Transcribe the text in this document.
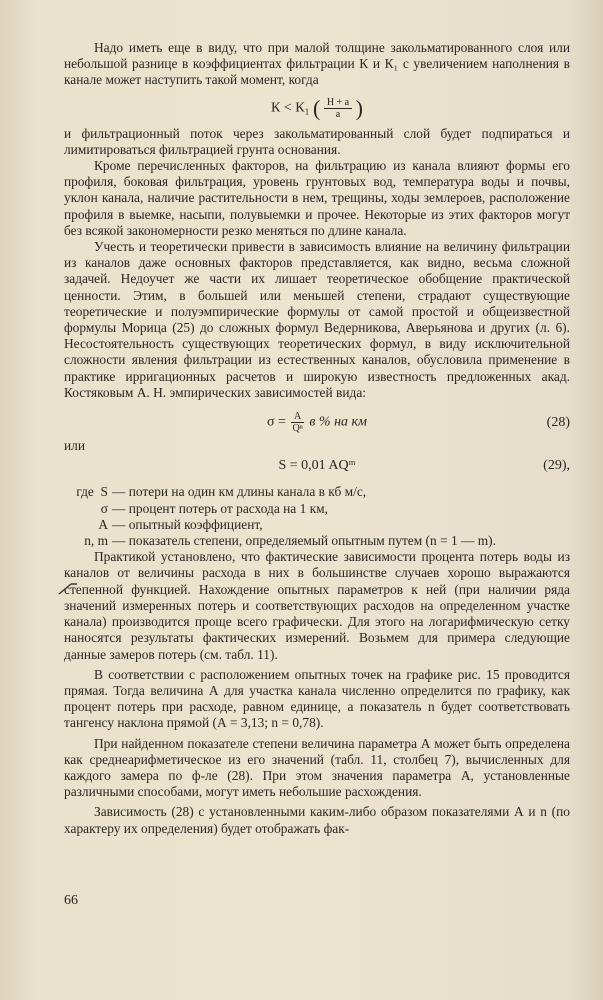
Надо иметь еще в виду, что при малой толщине закольматированного слоя или небольшой разнице в коэффициентах фильтрации К и К₁ с увеличением наполнения в канале может наступить такой момент, когда

К < К₁ ( $\frac{H + a}{a}$ )

и фильтрационный поток через закольматированный слой будет подпираться и лимитироваться фильтрацией грунта основания.

Кроме перечисленных факторов, на фильтрацию из канала влияют формы его профиля, боковая фильтрация, уровень грунтовых вод, температура воды и почвы, уклон канала, наличие растительности в нем, трещины, ходы землероев, расположение профиля в выемке, насыпи, полувыемки и прочее. Некоторые из этих факторов могут без всякой закономерности резко меняться по длине канала.

Учесть и теоретически привести в зависимость влияние на величину фильтрации из каналов даже основных факторов представляется, как видно, весьма сложной задачей. Недоучет же части их лишает теоретическое обобщение практической ценности. Этим, в большей или меньшей степени, страдают существующие теоретические и полуэмпирические формулы от самой простой и общеизвестной формулы Морица (25) до сложных формул Ведерникова, Аверьянова и других (л. 6). Несостоятельность существующих теоретических формул, в виду исключительной сложности явления фильтрации из естественных каналов, обусловила применение в практике ирригационных расчетов и широкую известность предложенных акад. Костяковым А. Н. эмпирических зависимостей вида:

$\sigma = \frac{A}{\text{Qⁿ}}$ в % на км	(28)

или

S = 0,01 AQᵐ	(29),
где S — потери на один км длины канала в кб м/с,
σ — процент потерь от расхода на 1 км,
A — опытный коэффициент,
n, m — показатель степени, определяемый опытным путем (n = 1 — m).

Практикой установлено, что фактические зависимости процента потерь воды из каналов от величины расхода в них в большинстве случаев хорошо выражаются степенной функцией. Нахождение опытных параметров к ней (при наличии ряда значений измеренных потерь и соответствующих расходов на определенном участке канала) производится проще всего графически. Для этого на логарифмическую сетку наносятся результаты фактических измерений. Возьмем для примера следующие данные замеров потерь (см. табл. 11).

В соответствии с расположением опытных точек на графике рис. 15 проводится прямая. Тогда величина А для участка канала численно определится по графику, как процент потерь при расходе, равном единице, а показатель n будет соответствовать тангенсу наклона прямой (А = 3,13; n = 0,78).

При найденном показателе степени величина параметра А может быть определена как среднеарифметическое из его значений (табл. 11, столбец 7), вычисленных для каждого замера по ф-ле (28). При этом значения параметра А, установленные различными способами, могут иметь небольшие расхождения.

Зависимость (28) с установленными каким-либо образом показателями А и n (по характеру их определения) будет отображать фак-

66
